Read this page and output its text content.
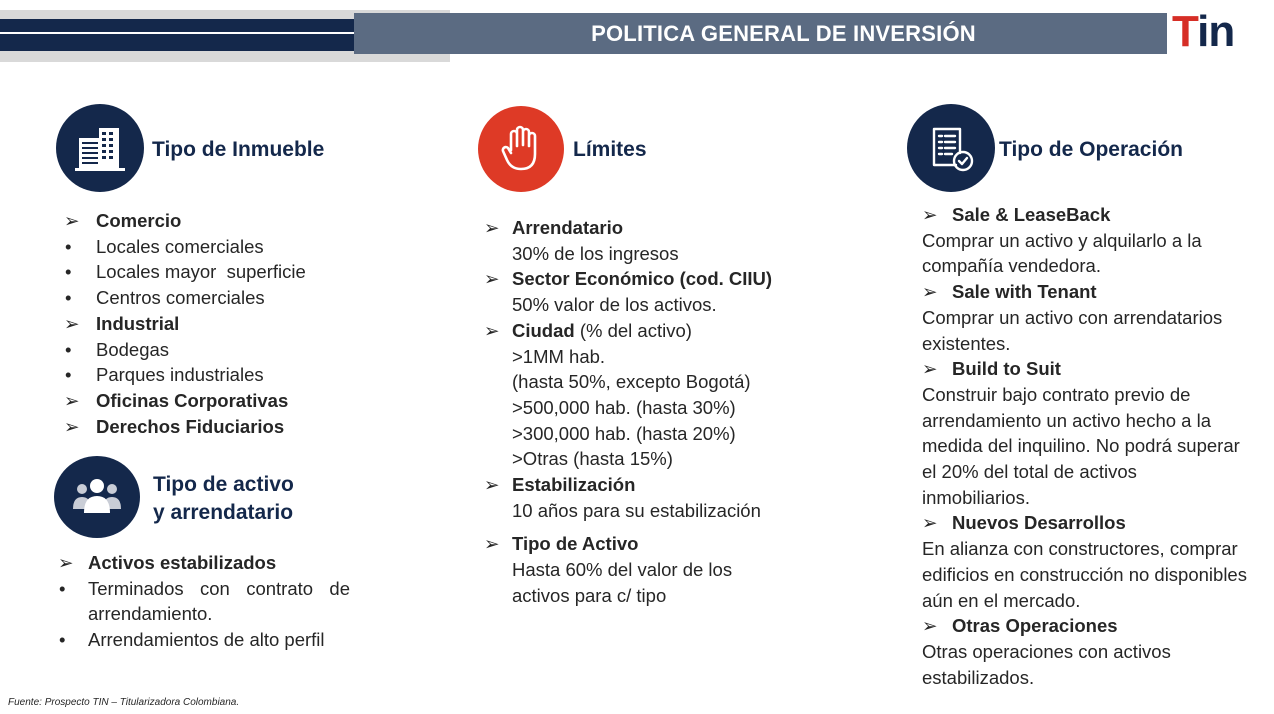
POLITICA GENERAL DE INVERSIÓN	Tin
Tipo de Inmueble
➢ Comercio
• Locales comerciales
• Locales mayor  superficie
• Centros comerciales
➢ Industrial
• Bodegas
• Parques industriales
➢ Oficinas Corporativas
➢ Derechos Fiduciarios
Tipo de activo
y arrendatario
➢ Activos estabilizados
• Terminados con contrato de arrendamiento.
• Arrendamientos de alto perfil
Límites
➢ Arrendatario
30% de los ingresos
➢ Sector Económico (cod. CIIU)
50% valor de los activos.
➢ Ciudad (% del activo)
>1MM hab.
(hasta 50%, excepto Bogotá)
>500,000 hab. (hasta 30%)
>300,000 hab. (hasta 20%)
>Otras (hasta 15%)
➢ Estabilización
10 años para su estabilización
➢ Tipo de Activo
Hasta 60% del valor de los activos para c/ tipo
Tipo de Operación
➢ Sale & LeaseBack
Comprar un activo y alquilarlo a la compañía vendedora.
➢ Sale with Tenant
Comprar un activo con arrendatarios existentes.
➢ Build to Suit
Construir bajo contrato previo de arrendamiento un activo hecho a la medida del inquilino. No podrá superar el 20% del total de activos inmobiliarios.
➢ Nuevos Desarrollos
En alianza con constructores, comprar edificios en construcción no disponibles aún en el mercado.
➢ Otras Operaciones
Otras operaciones con activos estabilizados.
Fuente: Prospecto TIN – Titularizadora Colombiana.
